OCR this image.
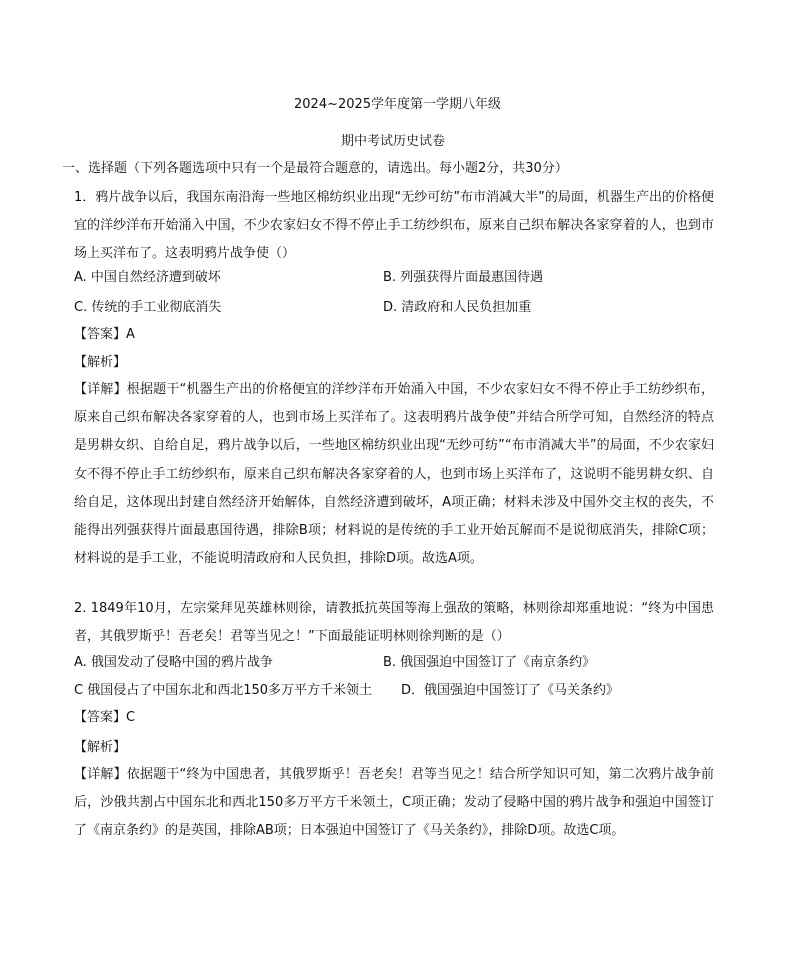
2024~2025学年度第一学期八年级
期中考试历史试卷
一、选择题（下列各题选项中只有一个是最符合题意的，请选出。每小题2分，共30分）
1．鸦片战争以后，我国东南沿海一些地区棉纺织业出现“无纱可纺”布市消减大半”的局面，机器生产出的价格便宜的洋纱洋布开始涌入中国，不少农家妇女不得不停止手工纺纱织布，原来自己织布解决各家穿着的人，也到市场上买洋布了。这表明鸦片战争使（）
A. 中国自然经济遭到破坏	B. 列强获得片面最惠国待遇
C. 传统的手工业彻底消失	D. 清政府和人民负担加重
【答案】A
【解析】
【详解】根据题干“机器生产出的价格便宜的洋纱洋布开始涌入中国，不少农家妇女不得不停止手工纺纱织布，原来自己织布解决各家穿着的人，也到市场上买洋布了。这表明鸦片战争使”并结合所学可知，自然经济的特点是男耕女织、自给自足，鸦片战争以后，一些地区棉纺织业出现“无纱可纺”“布市消减大半”的局面，不少农家妇女不得不停止手工纺纱织布，原来自己织布解决各家穿着的人，也到市场上买洋布了，这说明不能男耕女织、自给自足，这体现出封建自然经济开始解体，自然经济遭到破坏，A项正确；材料未涉及中国外交主权的丧失，不能得出列强获得片面最惠国待遇，排除B项；材料说的是传统的手工业开始瓦解而不是说彻底消失，排除C项；材料说的是手工业，不能说明清政府和人民负担，排除D项。故选A项。
2. 1849年10月，左宗棠拜见英雄林则徐，请教抵抗英国等海上强敌的策略，林则徐却郑重地说：“终为中国患者，其俄罗斯乎！吾老矣！君等当见之！”下面最能证明林则徐判断的是（）
A. 俄国发动了侵略中国的鸦片战争	B. 俄国强迫中国签订了《南京条约》
C 俄国侵占了中国东北和西北150多万平方千米领土 D．俄国强迫中国签订了《马关条约》
【答案】C
【解析】
【详解】依据题干“终为中国患者，其俄罗斯乎！吾老矣！君等当见之！结合所学知识可知，第二次鸦片战争前后，沙俄共割占中国东北和西北150多万平方千米领土，C项正确；发动了侵略中国的鸦片战争和强迫中国签订了《南京条约》的是英国，排除AB项；日本强迫中国签订了《马关条约》，排除D项。故选C项。
